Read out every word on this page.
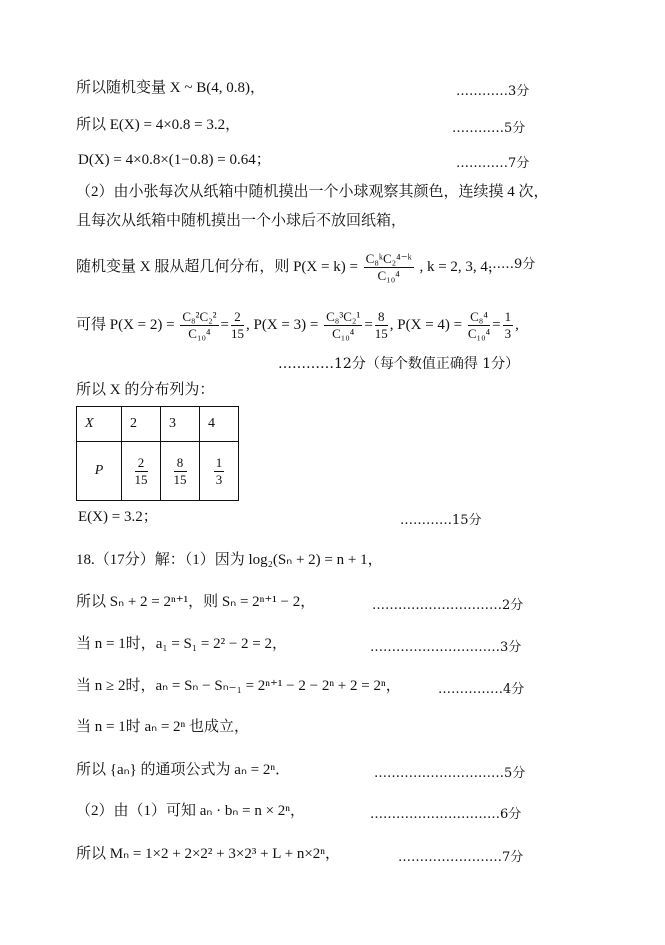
所以随机变量 X ~ B(4, 0.8)，	…………3分
所以 E(X) = 4×0.8 = 3.2，	…………5分
D(X) = 4×0.8×(1−0.8) = 0.64；	…………7分
（2）由小张每次从纸箱中随机摸出一个小球观察其颜色，连续摸 4 次，
且每次从纸箱中随机摸出一个小球后不放回纸箱，
随机变量 X 服从超几何分布，则 $P(X = k) = \frac{\text{C₈ᵏC₂⁴⁻ᵏ}}{\text{C₁₀⁴}}$ , k = 2, 3, 4，
……9分
可得 $P(X = 2) = \frac{\text{C₈²C₂²}}{\text{C₁₀⁴}} = \frac{2}{15}$ , $P(X = 3) = \frac{\text{C₈³C₂¹}}{\text{C₁₀⁴}} = \frac{8}{15}$ , $P(X = 4) = \frac{\text{C₈⁴}}{\text{C₁₀⁴}} = \frac{1}{3}$ ,
…………12分（每个数值正确得 1分）
所以 X 的分布列为：
X	2	3	4
P	$\frac{2}{15}$	$\frac{8}{15}$	$\frac{1}{3}$
E(X) = 3.2；	…………15分
18.（17分）解：（1）因为 log₂(Sₙ + 2) = n + 1，
所以 Sₙ + 2 = 2ⁿ⁺¹，则 Sₙ = 2ⁿ⁺¹ − 2，	…………………………2分
当 n = 1时，a₁ = S₁ = 2² − 2 = 2，	…………………………3分
当 n ≥ 2时，aₙ = Sₙ − Sₙ₋₁ = 2ⁿ⁺¹ − 2 − 2ⁿ + 2 = 2ⁿ，	……………4分
当 n = 1时 aₙ = 2ⁿ 也成立，
所以 {aₙ} 的通项公式为 aₙ = 2ⁿ．	…………………………5分
（2）由（1）可知 aₙ · bₙ = n × 2ⁿ，	…………………………6分
所以 Mₙ = 1×2 + 2×2² + 3×2³ + L + n×2ⁿ，	……………………7分
